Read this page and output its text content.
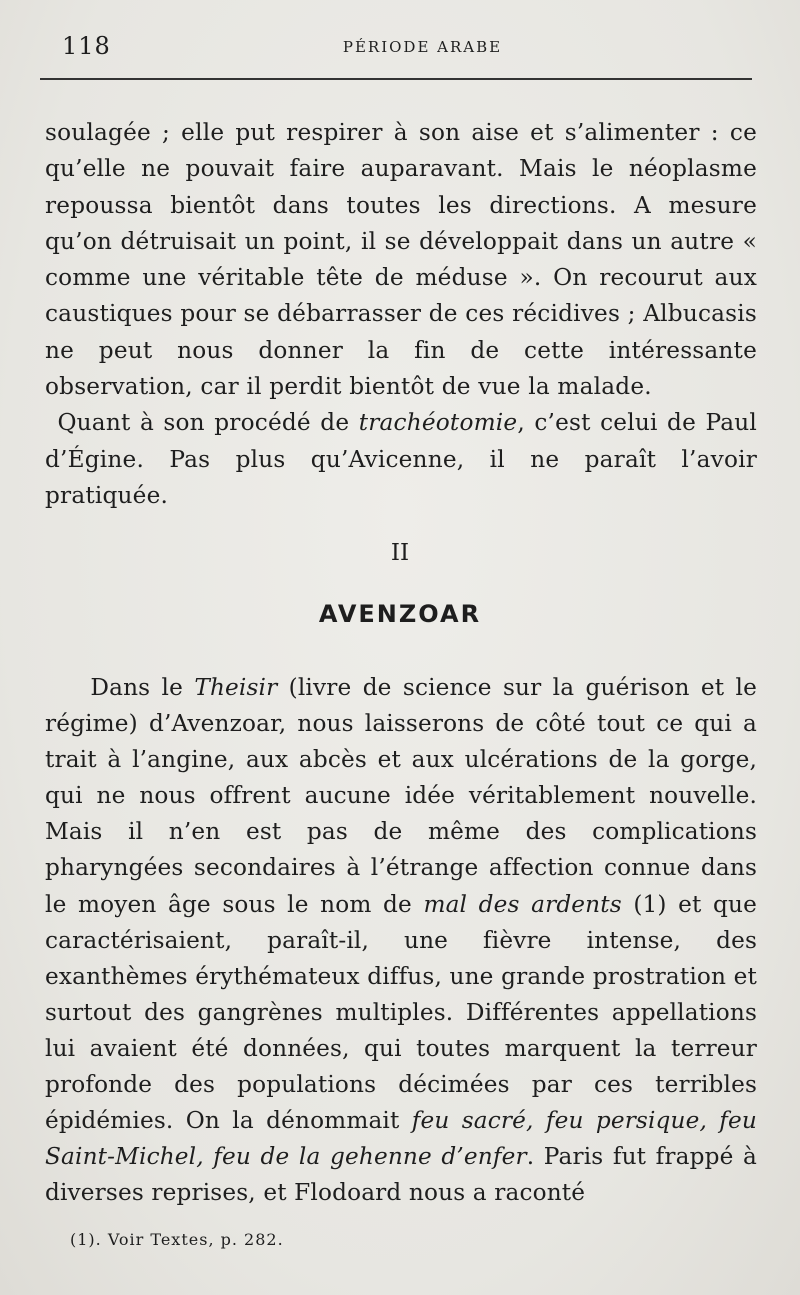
118	PÉRIODE ARABE

soulagée ; elle put respirer à son aise et s’alimenter : ce qu’elle ne pouvait faire auparavant. Mais le néoplasme repoussa bientôt dans toutes les directions. A mesure qu’on détruisait un point, il se développait dans un autre « comme une véritable tête de méduse ». On recourut aux caustiques pour se débarrasser de ces récidives ; Albucasis ne peut nous donner la fin de cette intéressante observation, car il perdit bientôt de vue la malade.

Quant à son procédé de trachéotomie, c’est celui de Paul d’Égine. Pas plus qu’Avicenne, il ne paraît l’avoir pratiquée.

II
AVENZOAR

Dans le Theisir (livre de science sur la guérison et le régime) d’Avenzoar, nous laisserons de côté tout ce qui a trait à l’angine, aux abcès et aux ulcérations de la gorge, qui ne nous offrent aucune idée véritablement nouvelle. Mais il n’en est pas de même des complications pharyngées secondaires à l’étrange affection connue dans le moyen âge sous le nom de mal des ardents (1) et que caractérisaient, paraît-il, une fièvre intense, des exanthèmes érythémateux diffus, une grande prostration et surtout des gangrènes multiples. Différentes appellations lui avaient été données, qui toutes marquent la terreur profonde des populations décimées par ces terribles épidémies. On la dénommait feu sacré, feu persique, feu Saint-Michel, feu de la gehenne d’enfer. Paris fut frappé à diverses reprises, et Flodoard nous a raconté

(1). Voir Textes, p. 282.
